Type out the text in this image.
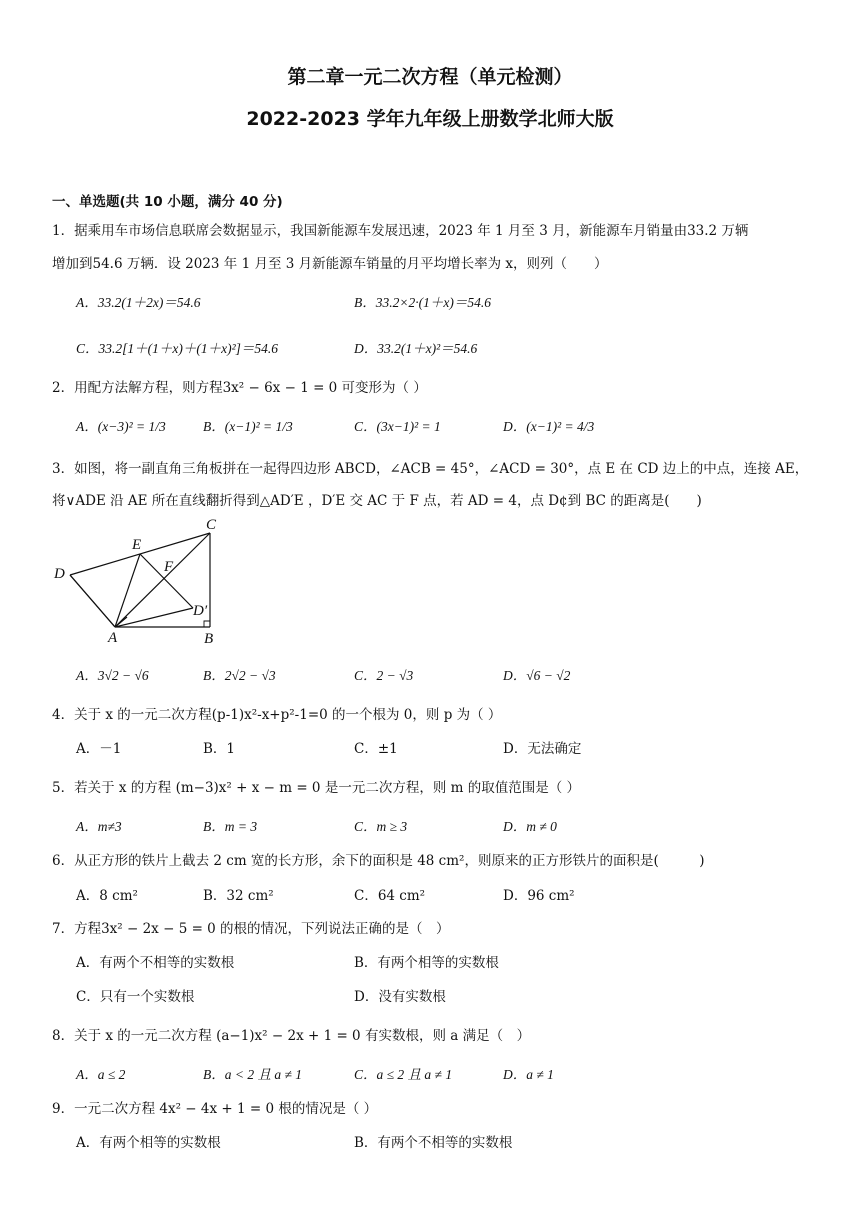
第二章一元二次方程（单元检测）
2022-2023 学年九年级上册数学北师大版
一、单选题(共 10 小题，满分 40 分)
1．据乘用车市场信息联席会数据显示，我国新能源车发展迅速，2023 年 1 月至 3 月，新能源车月销量由33.2 万辆
增加到54.6 万辆．设 2023 年 1 月至 3 月新能源车销量的月平均增长率为 x，则列（　　）
A．33.2(1＋2x)＝54.6	B．33.2×2·(1＋x)＝54.6
C．33.2[1＋(1＋x)＋(1＋x)²]＝54.6	D．33.2(1＋x)²＝54.6
2．用配方法解方程，则方程3x² − 6x − 1 = 0 可变形为（ ）
A．(x−3)² = 1/3	B．(x−1)² = 1/3	C．(3x−1)² = 1	D．(x−1)² = 4/3
3．如图，将一副直角三角板拼在一起得四边形 ABCD，∠ACB = 45°，∠ACD = 30°，点 E 在 CD 边上的中点，连接 AE，
将∨ADE 沿 AE 所在直线翻折得到△AD′E ，D′E 交 AC 于 F 点，若 AD = 4，点 D¢到 BC 的距离是(　　)
C
E
F
D
D′
A	B
A．3√2 − √6	B．2√2 − √3	C．2 − √3	D．√6 − √2
4．关于 x 的一元二次方程(p-1)x²-x+p²-1=0 的一个根为 0，则 p 为（ ）
A．－1	B．1	C．±1	D．无法确定
5．若关于 x 的方程 (m−3)x² + x − m = 0 是一元二次方程，则 m 的取值范围是（ ）
A．m≠3	B．m = 3	C．m ≥ 3	D．m ≠ 0
6．从正方形的铁片上截去 2 cm 宽的长方形，余下的面积是 48 cm²，则原来的正方形铁片的面积是(　　　)
A．8 cm²	B．32 cm²	C．64 cm²	D．96 cm²
7．方程3x² − 2x − 5 = 0 的根的情况，下列说法正确的是（　）
A．有两个不相等的实数根	B．有两个相等的实数根
C．只有一个实数根	D．没有实数根
8．关于 x 的一元二次方程 (a−1)x² − 2x + 1 = 0 有实数根，则 a 满足（　）
A．a ≤ 2	B．a < 2 且 a ≠ 1	C．a ≤ 2 且 a ≠ 1	D．a ≠ 1
9．一元二次方程 4x² − 4x + 1 = 0 根的情况是（ ）
A．有两个相等的实数根	B．有两个不相等的实数根
